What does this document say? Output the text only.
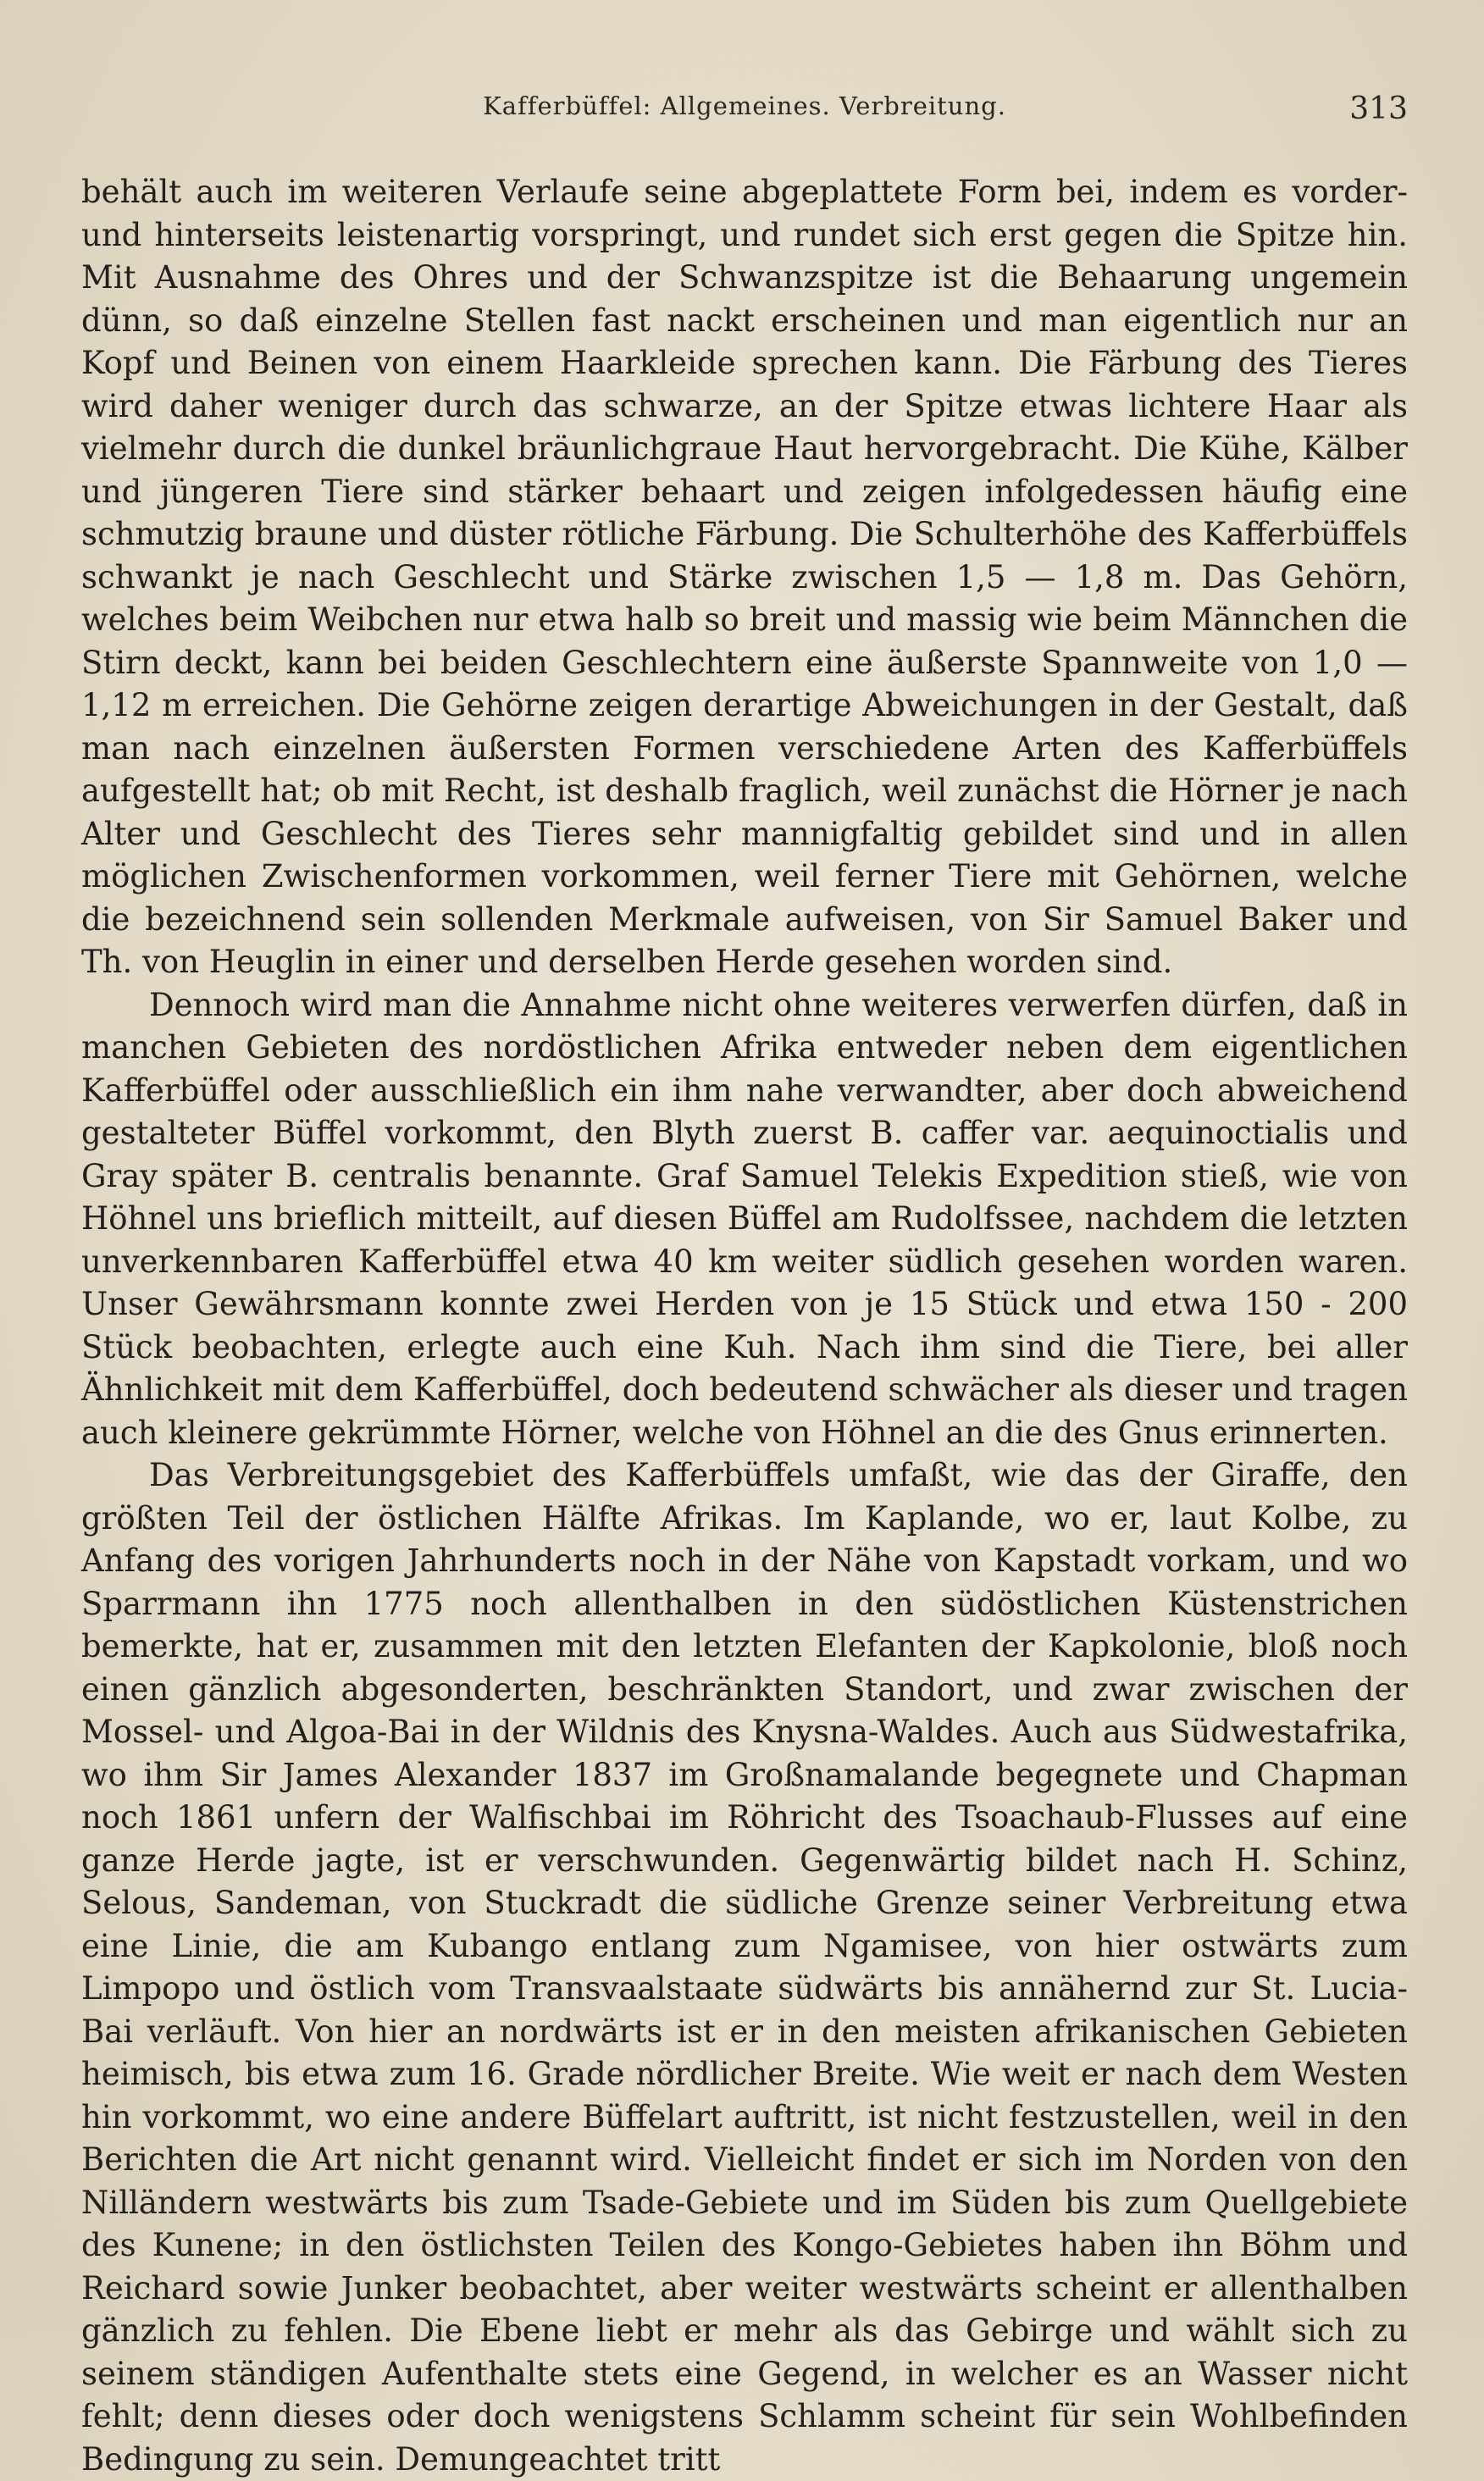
Kafferbüffel: Allgemeines. Verbreitung.	313

behält auch im weiteren Verlaufe seine abgeplattete Form bei, indem es vorder- und hinterseits leistenartig vorspringt, und rundet sich erst gegen die Spitze hin. Mit Ausnahme des Ohres und der Schwanzspitze ist die Behaarung ungemein dünn, so daß einzelne Stellen fast nackt erscheinen und man eigentlich nur an Kopf und Beinen von einem Haarkleide sprechen kann. Die Färbung des Tieres wird daher weniger durch das schwarze, an der Spitze etwas lichtere Haar als vielmehr durch die dunkel bräunlichgraue Haut hervorgebracht. Die Kühe, Kälber und jüngeren Tiere sind stärker behaart und zeigen infolgedessen häufig eine schmutzig braune und düster rötliche Färbung. Die Schulterhöhe des Kafferbüffels schwankt je nach Geschlecht und Stärke zwischen 1,5 — 1,8 m. Das Gehörn, welches beim Weibchen nur etwa halb so breit und massig wie beim Männchen die Stirn deckt, kann bei beiden Geschlechtern eine äußerste Spannweite von 1,0 — 1,12 m erreichen. Die Gehörne zeigen derartige Abweichungen in der Gestalt, daß man nach einzelnen äußersten Formen verschiedene Arten des Kafferbüffels aufgestellt hat; ob mit Recht, ist deshalb fraglich, weil zunächst die Hörner je nach Alter und Geschlecht des Tieres sehr mannigfaltig gebildet sind und in allen möglichen Zwischenformen vorkommen, weil ferner Tiere mit Gehörnen, welche die bezeichnend sein sollenden Merkmale aufweisen, von Sir Samuel Baker und Th. von Heuglin in einer und derselben Herde gesehen worden sind.

Dennoch wird man die Annahme nicht ohne weiteres verwerfen dürfen, daß in manchen Gebieten des nordöstlichen Afrika entweder neben dem eigentlichen Kafferbüffel oder ausschließlich ein ihm nahe verwandter, aber doch abweichend gestalteter Büffel vorkommt, den Blyth zuerst B. caffer var. aequinoctialis und Gray später B. centralis benannte. Graf Samuel Telekis Expedition stieß, wie von Höhnel uns brieflich mitteilt, auf diesen Büffel am Rudolfssee, nachdem die letzten unverkennbaren Kafferbüffel etwa 40 km weiter südlich gesehen worden waren. Unser Gewährsmann konnte zwei Herden von je 15 Stück und etwa 150 - 200 Stück beobachten, erlegte auch eine Kuh. Nach ihm sind die Tiere, bei aller Ähnlichkeit mit dem Kafferbüffel, doch bedeutend schwächer als dieser und tragen auch kleinere gekrümmte Hörner, welche von Höhnel an die des Gnus erinnerten.

Das Verbreitungsgebiet des Kafferbüffels umfaßt, wie das der Giraffe, den größten Teil der östlichen Hälfte Afrikas. Im Kaplande, wo er, laut Kolbe, zu Anfang des vorigen Jahrhunderts noch in der Nähe von Kapstadt vorkam, und wo Sparrmann ihn 1775 noch allenthalben in den südöstlichen Küstenstrichen bemerkte, hat er, zusammen mit den letzten Elefanten der Kapkolonie, bloß noch einen gänzlich abgesonderten, beschränkten Standort, und zwar zwischen der Mossel- und Algoa-Bai in der Wildnis des Knysna-Waldes. Auch aus Südwestafrika, wo ihm Sir James Alexander 1837 im Großnamalande begegnete und Chapman noch 1861 unfern der Walfischbai im Röhricht des Tsoachaub-Flusses auf eine ganze Herde jagte, ist er verschwunden. Gegenwärtig bildet nach H. Schinz, Selous, Sandeman, von Stuckradt die südliche Grenze seiner Verbreitung etwa eine Linie, die am Kubango entlang zum Ngamisee, von hier ostwärts zum Limpopo und östlich vom Transvaalstaate südwärts bis annähernd zur St. Lucia-Bai verläuft. Von hier an nordwärts ist er in den meisten afrikanischen Gebieten heimisch, bis etwa zum 16. Grade nördlicher Breite. Wie weit er nach dem Westen hin vorkommt, wo eine andere Büffelart auftritt, ist nicht festzustellen, weil in den Berichten die Art nicht genannt wird. Vielleicht findet er sich im Norden von den Nilländern westwärts bis zum Tsade-Gebiete und im Süden bis zum Quellgebiete des Kunene; in den östlichsten Teilen des Kongo-Gebietes haben ihn Böhm und Reichard sowie Junker beobachtet, aber weiter westwärts scheint er allenthalben gänzlich zu fehlen. Die Ebene liebt er mehr als das Gebirge und wählt sich zu seinem ständigen Aufenthalte stets eine Gegend, in welcher es an Wasser nicht fehlt; denn dieses oder doch wenigstens Schlamm scheint für sein Wohlbefinden Bedingung zu sein. Demungeachtet tritt
